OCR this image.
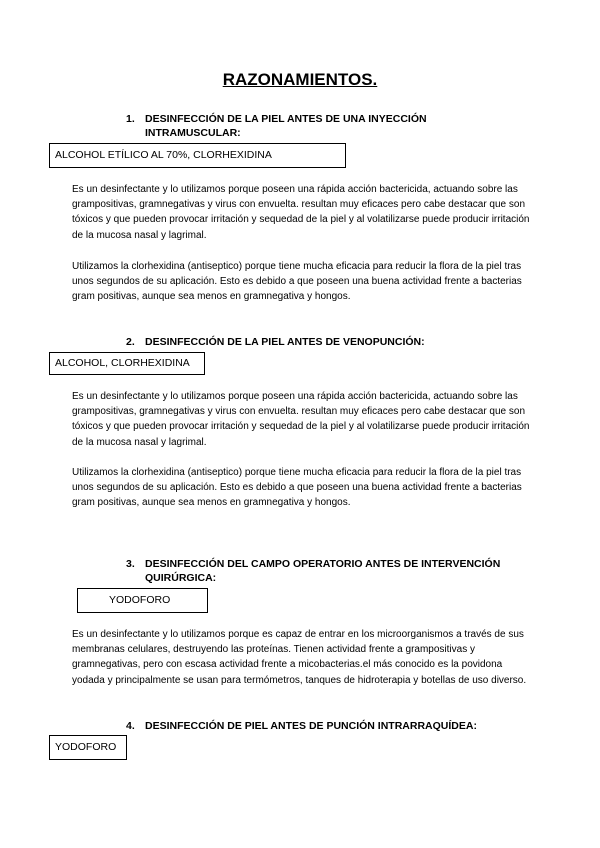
RAZONAMIENTOS.
1. DESINFECCIÓN DE LA PIEL ANTES DE UNA INYECCIÓN INTRAMUSCULAR:
ALCOHOL ETÍLICO AL 70%, CLORHEXIDINA
Es un desinfectante y lo utilizamos porque poseen una rápida acción bactericida, actuando sobre las grampositivas, gramnegativas y virus con envuelta. resultan muy eficaces pero cabe destacar que son tóxicos y que pueden provocar irritación y sequedad de la piel y al volatilizarse puede producir irritación de la mucosa nasal y lagrimal.
Utilizamos la clorhexidina (antiseptico) porque tiene mucha eficacia para reducir la flora de la piel tras unos segundos de su aplicación. Esto es debido a que poseen una buena actividad frente a bacterias gram positivas, aunque sea menos en gramnegativa y hongos.
2. DESINFECCIÓN DE LA PIEL ANTES DE VENOPUNCIÓN:
ALCOHOL, CLORHEXIDINA
Es un desinfectante y lo utilizamos porque poseen una rápida acción bactericida, actuando sobre las grampositivas, gramnegativas y virus con envuelta. resultan muy eficaces pero cabe destacar que son tóxicos y que pueden provocar irritación y sequedad de la piel y al volatilizarse puede producir irritación de la mucosa nasal y lagrimal.
Utilizamos la clorhexidina (antiseptico) porque tiene mucha eficacia para reducir la flora de la piel tras unos segundos de su aplicación. Esto es debido a que poseen una buena actividad frente a bacterias gram positivas, aunque sea menos en gramnegativa y hongos.
3. DESINFECCIÓN DEL CAMPO OPERATORIO ANTES DE INTERVENCIÓN QUIRÚRGICA:
YODOFORO
Es un desinfectante y lo utilizamos porque es capaz de entrar en los microorganismos a través de sus membranas celulares, destruyendo las proteínas. Tienen actividad frente a grampositivas y gramnegativas, pero con escasa actividad frente a micobacterias.el más conocido es la povidona yodada y principalmente se usan para termómetros, tanques de hidroterapia y botellas de uso diverso.
4. DESINFECCIÓN DE PIEL ANTES DE PUNCIÓN INTRARRAQUÍDEA:
YODOFORO
